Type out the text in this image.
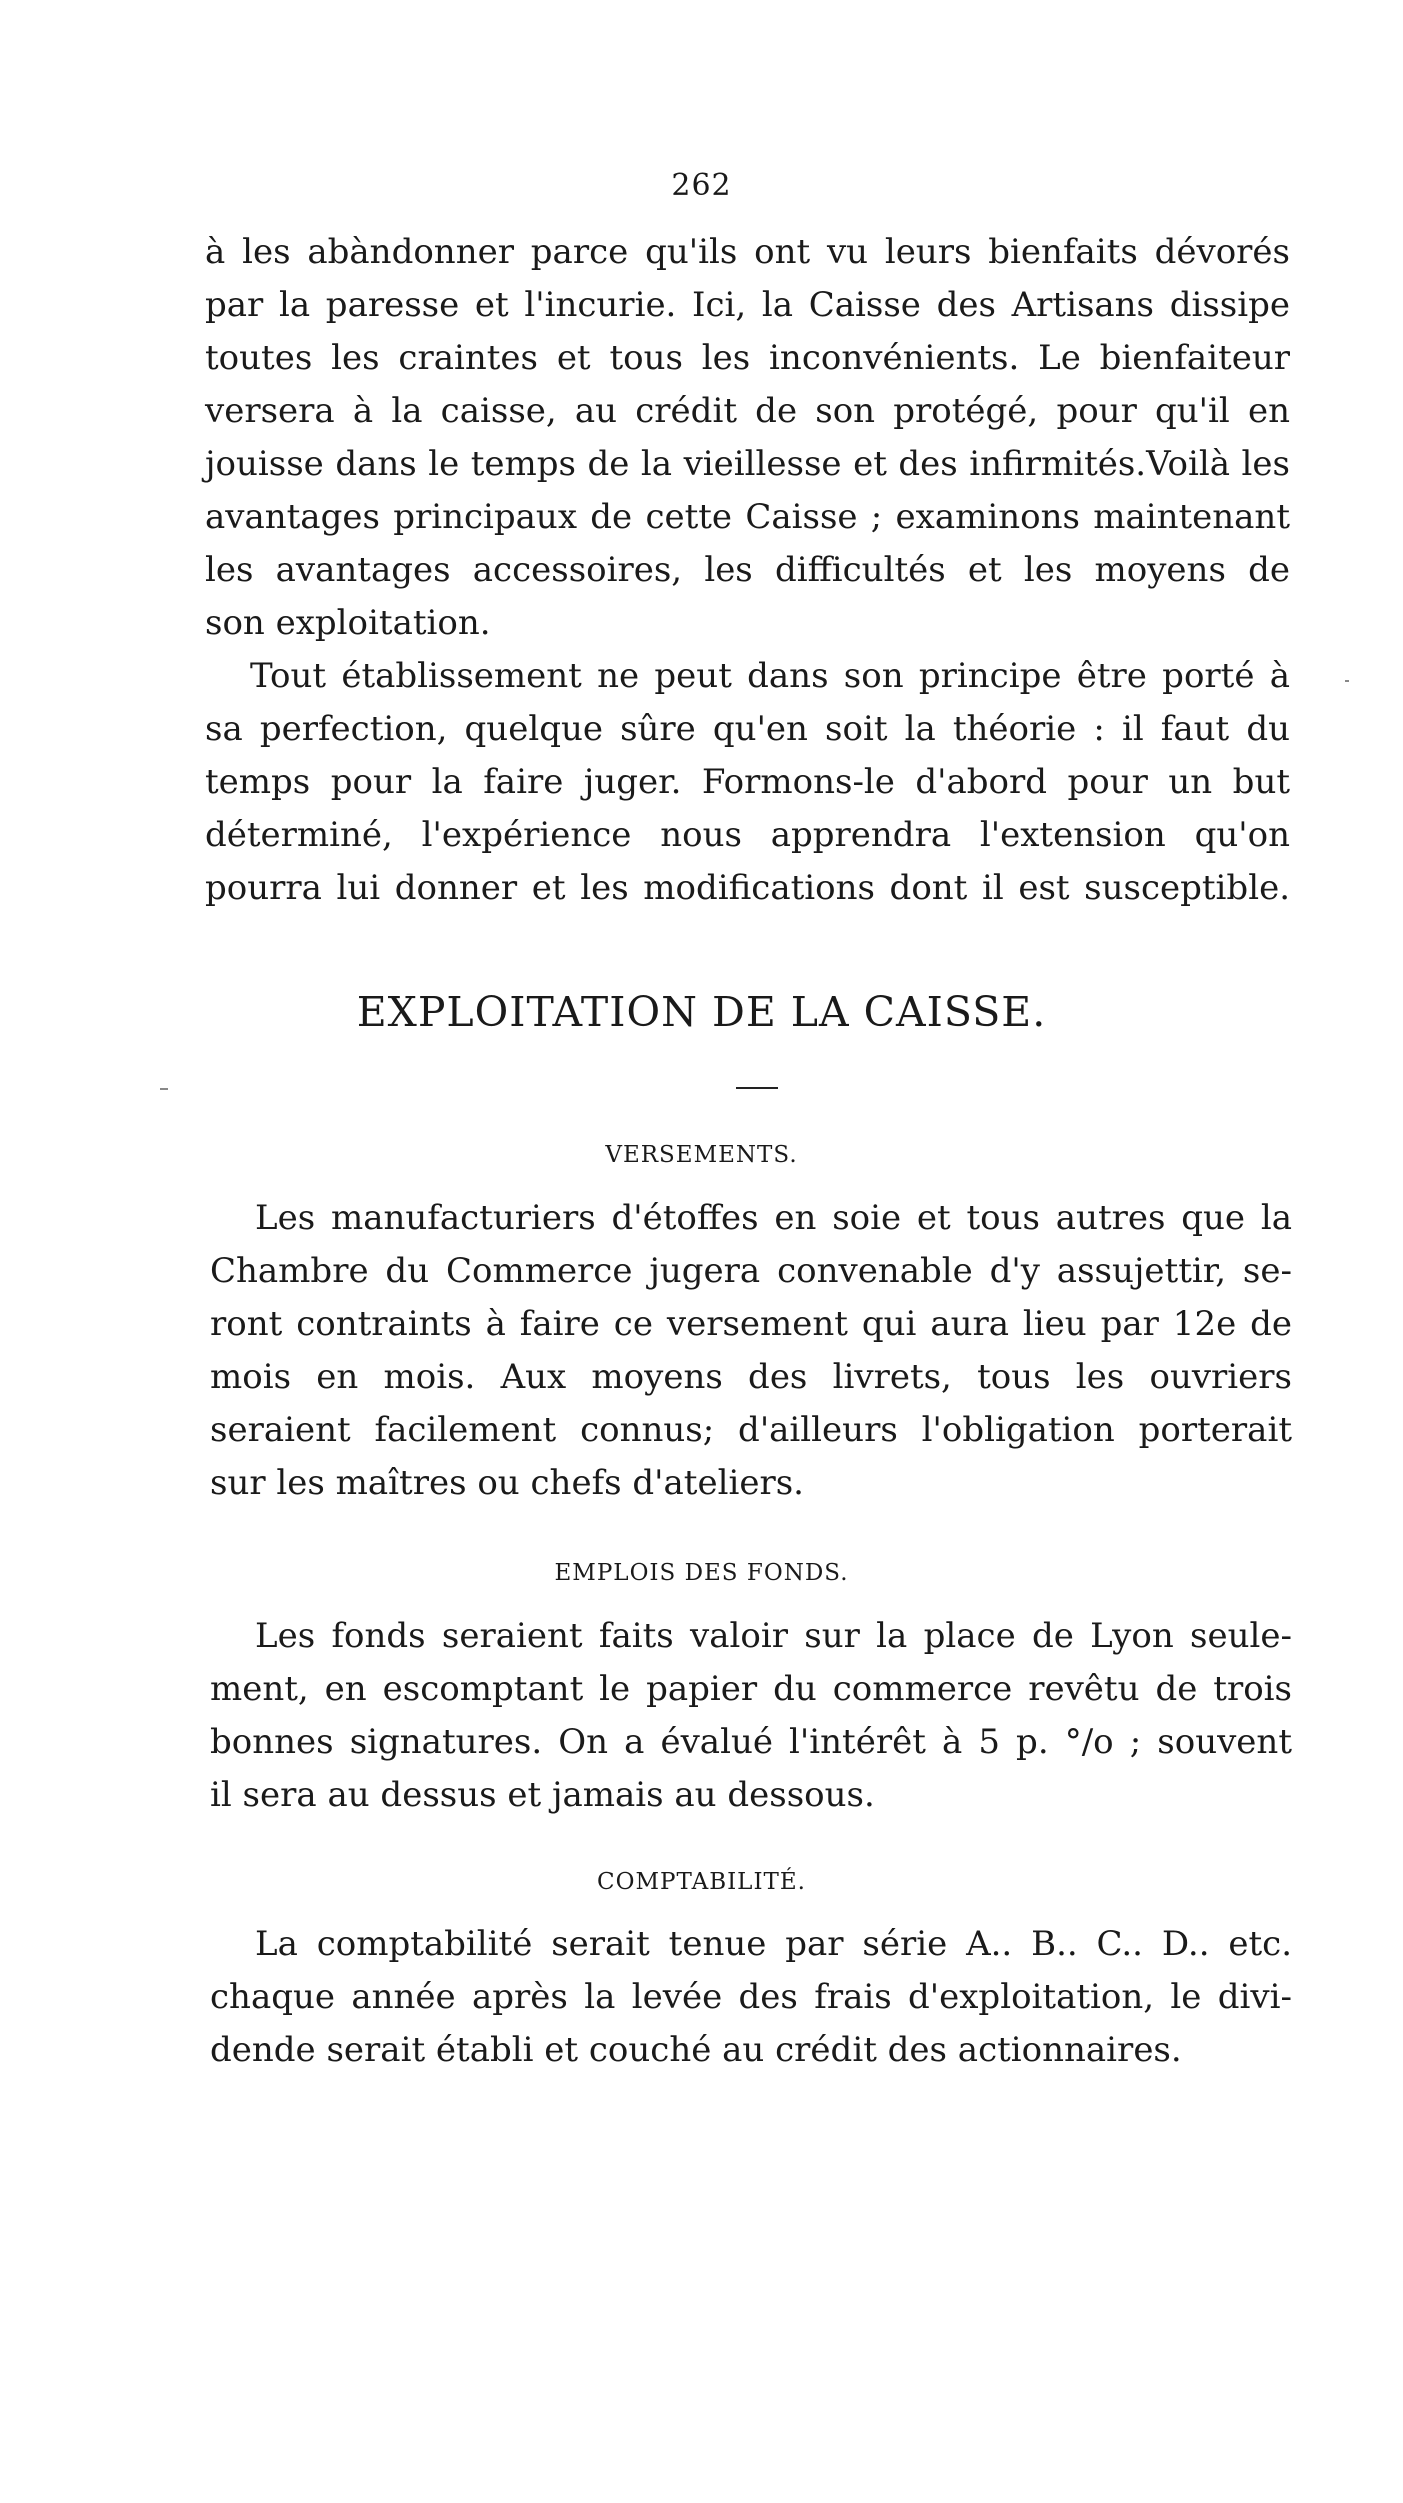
262
à les abàndonner parce qu'ils ont vu leurs bienfaits dévorés
par la paresse et l'incurie. Ici, la Caisse des Artisans dissipe
toutes les craintes et tous les inconvénients. Le bienfaiteur
versera à la caisse, au crédit de son protégé, pour qu'il en
jouisse dans le temps de la vieillesse et des infirmités.Voilà les
avantages principaux de cette Caisse ; examinons maintenant
les avantages accessoires, les difficultés et les moyens de
son exploitation.
Tout établissement ne peut dans son principe être porté à
sa perfection, quelque sûre qu'en soit la théorie : il faut du
temps pour la faire juger. Formons-le d'abord pour un but
déterminé, l'expérience nous apprendra l'extension qu'on
pourra lui donner et les modifications dont il est susceptible.
EXPLOITATION DE LA CAISSE.
VERSEMENTS.
Les manufacturiers d'étoffes en soie et tous autres que la
Chambre du Commerce jugera convenable d'y assujettir, se-
ront contraints à faire ce versement qui aura lieu par 12e de
mois en mois. Aux moyens des livrets, tous les ouvriers
seraient facilement connus; d'ailleurs l'obligation porterait
sur les maîtres ou chefs d'ateliers.
EMPLOIS DES FONDS.
Les fonds seraient faits valoir sur la place de Lyon seule-
ment, en escomptant le papier du commerce revêtu de trois
bonnes signatures. On a évalué l'intérêt à 5 p. °/o ; souvent
il sera au dessus et jamais au dessous.
COMPTABILITÉ.
La comptabilité serait tenue par série A.. B.. C.. D.. etc.
chaque année après la levée des frais d'exploitation, le divi-
dende serait établi et couché au crédit des actionnaires.
